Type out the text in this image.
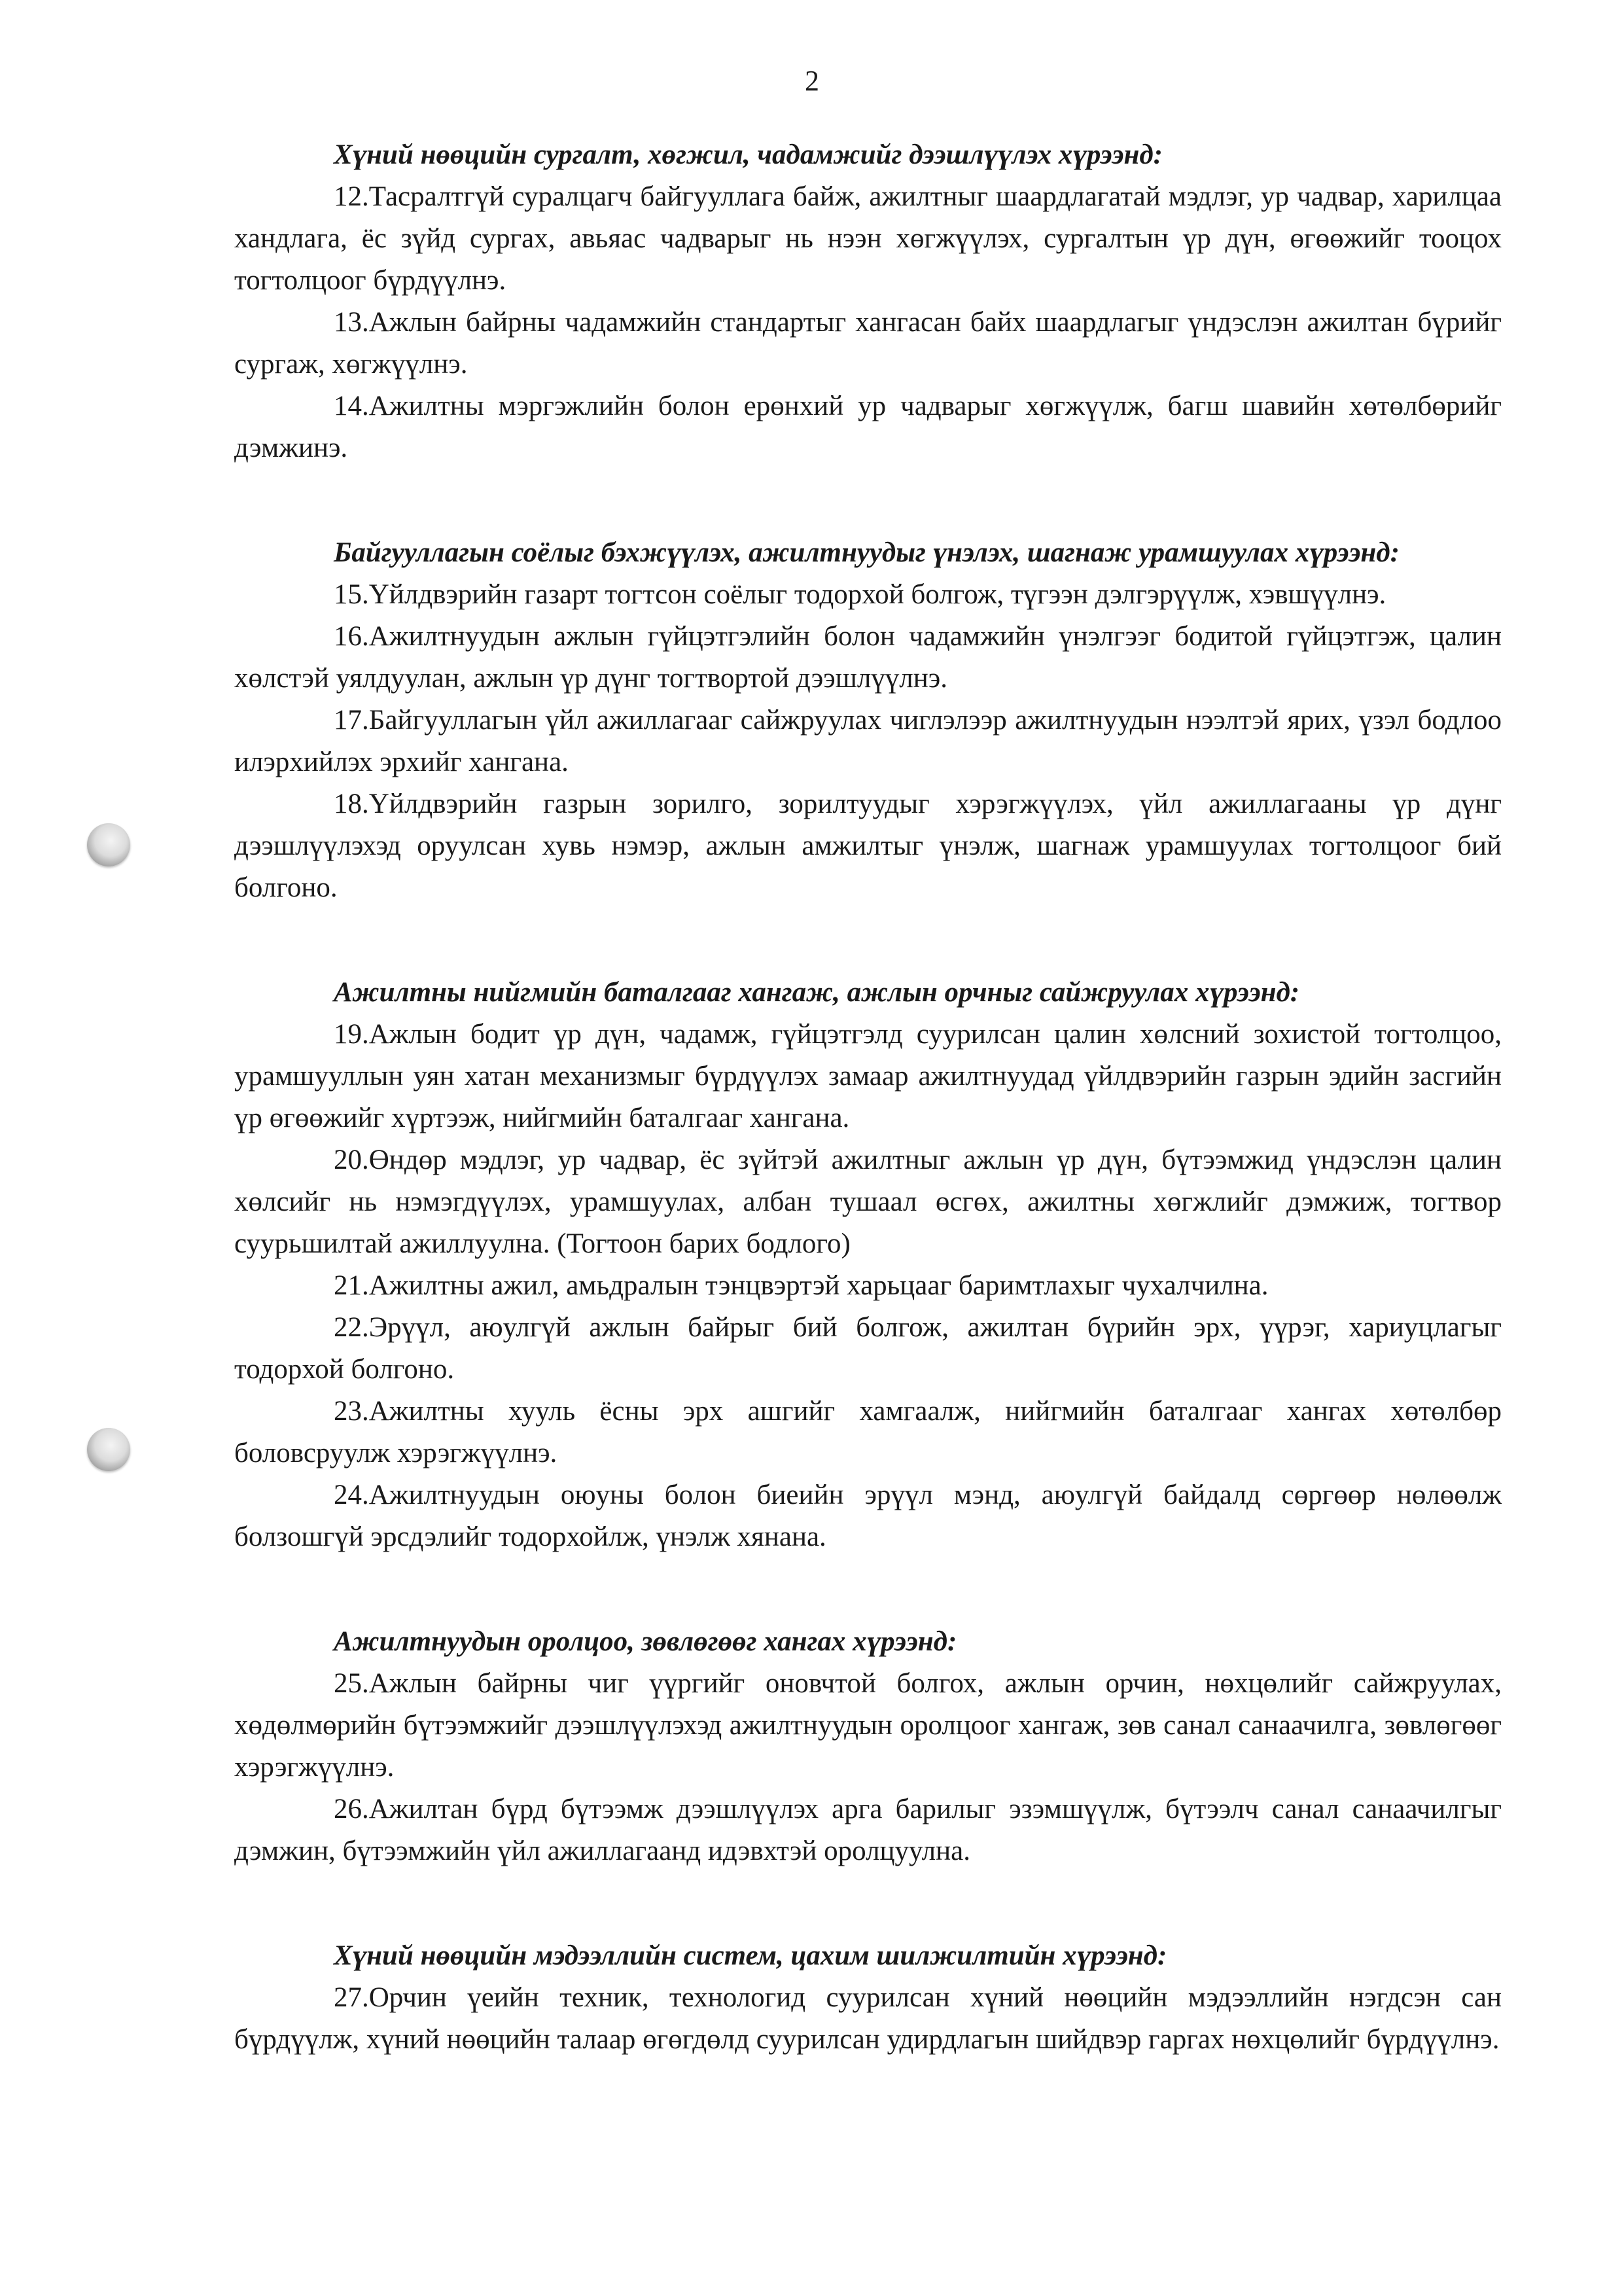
2

Хүний нөөцийн сургалт, хөгжил, чадамжийг дээшлүүлэх хүрээнд:

12.Тасралтгүй суралцагч байгууллага байж, ажилтныг шаардлагатай мэдлэг, ур чадвар, харилцаа хандлага, ёс зүйд сургах, авьяас чадварыг нь нээн хөгжүүлэх, сургалтын үр дүн, өгөөжийг тооцох тогтолцоог бүрдүүлнэ.

13.Ажлын байрны чадамжийн стандартыг хангасан байх шаардлагыг үндэслэн ажилтан бүрийг сургаж, хөгжүүлнэ.

14.Ажилтны мэргэжлийн болон ерөнхий ур чадварыг хөгжүүлж, багш шавийн хөтөлбөрийг дэмжинэ.

Байгууллагын соёлыг бэхжүүлэх, ажилтнуудыг үнэлэх, шагнаж урамшуулах хүрээнд:

15.Үйлдвэрийн газарт тогтсон соёлыг тодорхой болгож, түгээн дэлгэрүүлж, хэвшүүлнэ.

16.Ажилтнуудын ажлын гүйцэтгэлийн болон чадамжийн үнэлгээг бодитой гүйцэтгэж, цалин хөлстэй уялдуулан, ажлын үр дүнг тогтвортой дээшлүүлнэ.

17.Байгууллагын үйл ажиллагааг сайжруулах чиглэлээр ажилтнуудын нээлтэй ярих, үзэл бодлоо илэрхийлэх эрхийг хангана.

18.Үйлдвэрийн газрын зорилго, зорилтуудыг хэрэгжүүлэх, үйл ажиллагааны үр дүнг дээшлүүлэхэд оруулсан хувь нэмэр, ажлын амжилтыг үнэлж, шагнаж урамшуулах тогтолцоог бий болгоно.

Ажилтны нийгмийн баталгааг хангаж, ажлын орчныг сайжруулах хүрээнд:

19.Ажлын бодит үр дүн, чадамж, гүйцэтгэлд суурилсан цалин хөлсний зохистой тогтолцоо, урамшууллын уян хатан механизмыг бүрдүүлэх замаар ажилтнуудад үйлдвэрийн газрын эдийн засгийн үр өгөөжийг хүртээж, нийгмийн баталгааг хангана.

20.Өндөр мэдлэг, ур чадвар, ёс зүйтэй ажилтныг ажлын үр дүн, бүтээмжид үндэслэн цалин хөлсийг нь нэмэгдүүлэх, урамшуулах, албан тушаал өсгөх, ажилтны хөгжлийг дэмжиж, тогтвор суурьшилтай ажиллуулна. (Тогтоон барих бодлого)

21.Ажилтны ажил, амьдралын тэнцвэртэй харьцааг баримтлахыг чухалчилна.

22.Эрүүл, аюулгүй ажлын байрыг бий болгож, ажилтан бүрийн эрх, үүрэг, хариуцлагыг тодорхой болгоно.

23.Ажилтны хууль ёсны эрх ашгийг хамгаалж, нийгмийн баталгааг хангах хөтөлбөр боловсруулж хэрэгжүүлнэ.

24.Ажилтнуудын оюуны болон биеийн эрүүл мэнд, аюулгүй байдалд сөргөөр нөлөөлж болзошгүй эрсдэлийг тодорхойлж, үнэлж хянана.

Ажилтнуудын оролцоо, зөвлөгөөг хангах хүрээнд:

25.Ажлын байрны чиг үүргийг оновчтой болгох, ажлын орчин, нөхцөлийг сайжруулах, хөдөлмөрийн бүтээмжийг дээшлүүлэхэд ажилтнуудын оролцоог хангаж, зөв санал санаачилга, зөвлөгөөг хэрэгжүүлнэ.

26.Ажилтан бүрд бүтээмж дээшлүүлэх арга барилыг эзэмшүүлж, бүтээлч санал санаачилгыг дэмжин, бүтээмжийн үйл ажиллагаанд идэвхтэй оролцуулна.

Хүний нөөцийн мэдээллийн систем, цахим шилжилтийн хүрээнд:

27.Орчин үеийн техник, технологид суурилсан хүний нөөцийн мэдээллийн нэгдсэн сан бүрдүүлж, хүний нөөцийн талаар өгөгдөлд суурилсан удирдлагын шийдвэр гаргах нөхцөлийг бүрдүүлнэ.
